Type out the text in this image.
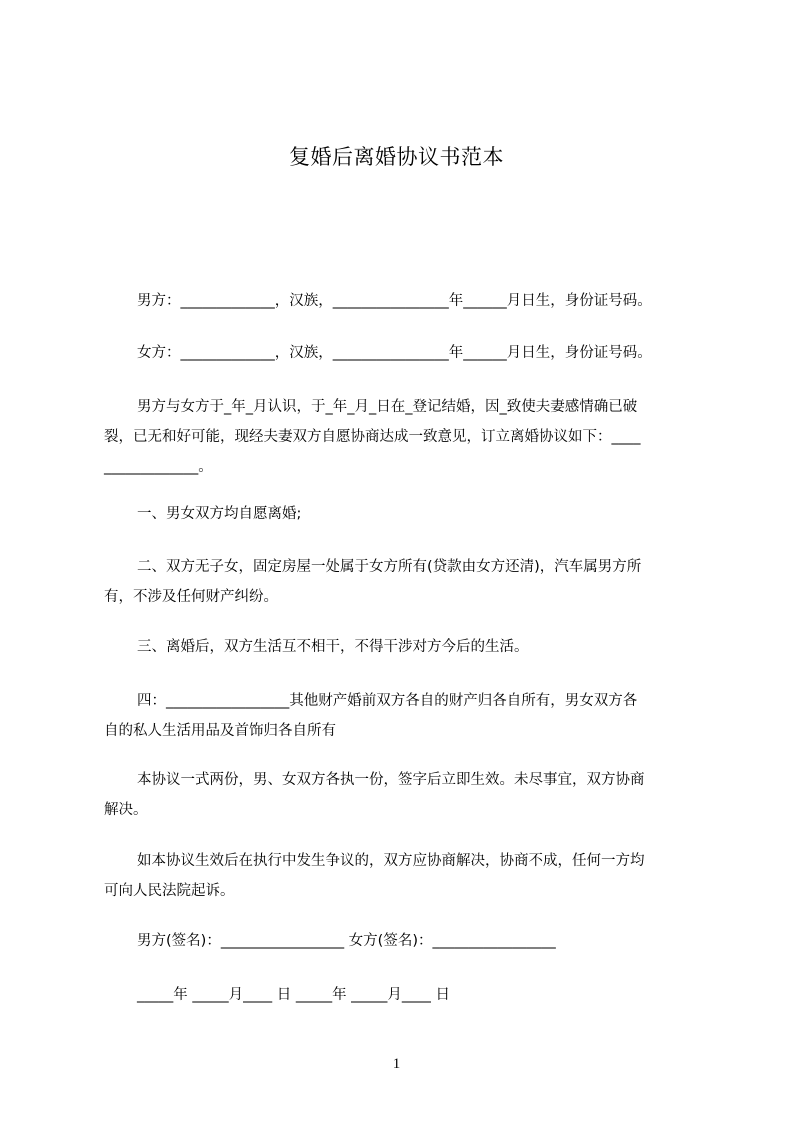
复婚后离婚协议书范本
男方：_____________，汉族，________________年______月日生，身份证号码。
女方：_____________，汉族，________________年______月日生，身份证号码。
男方与女方于_年_月认识，于_年_月_日在_登记结婚，因_致使夫妻感情确已破
裂，已无和好可能，现经夫妻双方自愿协商达成一致意见，订立离婚协议如下：____
_____________。
一、男女双方均自愿离婚;
二、双方无子女，固定房屋一处属于女方所有(贷款由女方还清)，汽车属男方所
有，不涉及任何财产纠纷。
三、离婚后，双方生活互不相干，不得干涉对方今后的生活。
四：_________________其他财产婚前双方各自的财产归各自所有，男女双方各
自的私人生活用品及首饰归各自所有
本协议一式两份，男、女双方各执一份，签字后立即生效。未尽事宜，双方协商
解决。
如本协议生效后在执行中发生争议的，双方应协商解决，协商不成，任何一方均
可向人民法院起诉。
男方(签名)：_________________ 女方(签名)：_________________
_____年 _____月____ 日 _____年 _____月____ 日
1
